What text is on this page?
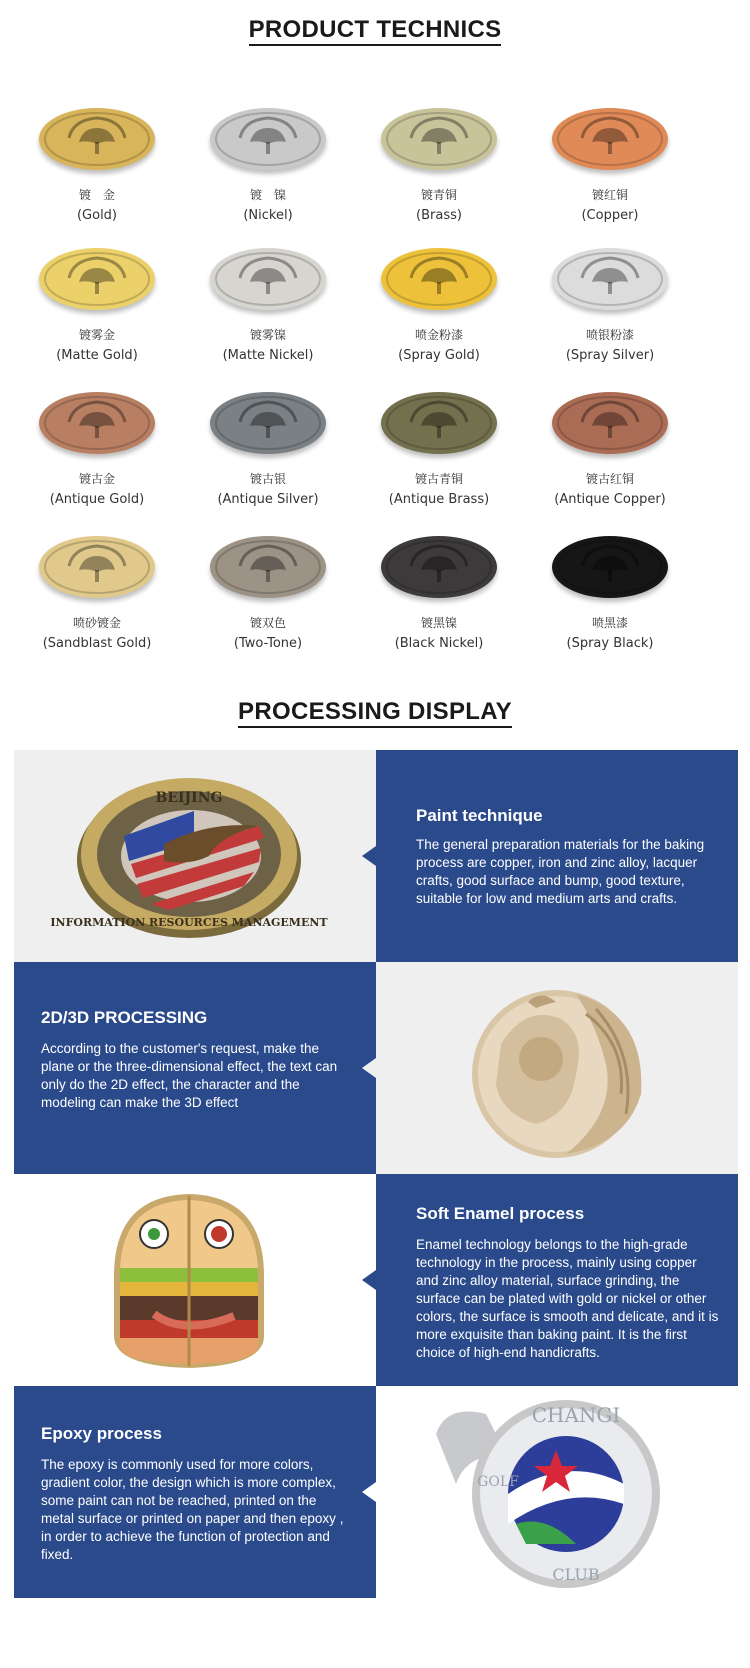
PRODUCT TECHNICS
镀　金
(Gold)
镀　镍
(Nickel)
镀青铜
(Brass)
镀红铜
(Copper)
镀雾金
(Matte Gold)
镀雾镍
(Matte Nickel)
喷金粉漆
(Spray Gold)
喷银粉漆
(Spray Silver)
镀古金
(Antique Gold)
镀古银
(Antique Silver)
镀古青铜
(Antique Brass)
镀古红铜
(Antique Copper)
喷砂镀金
(Sandblast Gold)
镀双色
(Two-Tone)
镀黑镍
(Black Nickel)
喷黑漆
(Spray Black)
PROCESSING DISPLAY
BEIJING
INFORMATION RESOURCES MANAGEMENT
Paint technique
The general preparation materials for the baking process are copper, iron and zinc alloy, lacquer crafts, good surface and bump, good texture, suitable for low and medium arts and crafts.
2D/3D PROCESSING
According to the customer's request, make the plane or the three-dimensional effect, the text can only do the 2D effect, the character and the modeling can make the 3D effect
Soft Enamel process
Enamel technology belongs to the high-grade technology in the process, mainly using copper and zinc alloy material, surface grinding, the surface can be plated with gold or nickel or other colors, the surface is smooth and delicate, and it is more exquisite than baking paint. It is the first choice of high-end handicrafts.
Epoxy process
The epoxy is commonly used for more colors, gradient color, the design which is more complex, some paint can not be reached, printed on the metal surface or printed on paper and then epoxy , in order to achieve the function of protection and fixed.
CHANGI
GOLF
CLUB
